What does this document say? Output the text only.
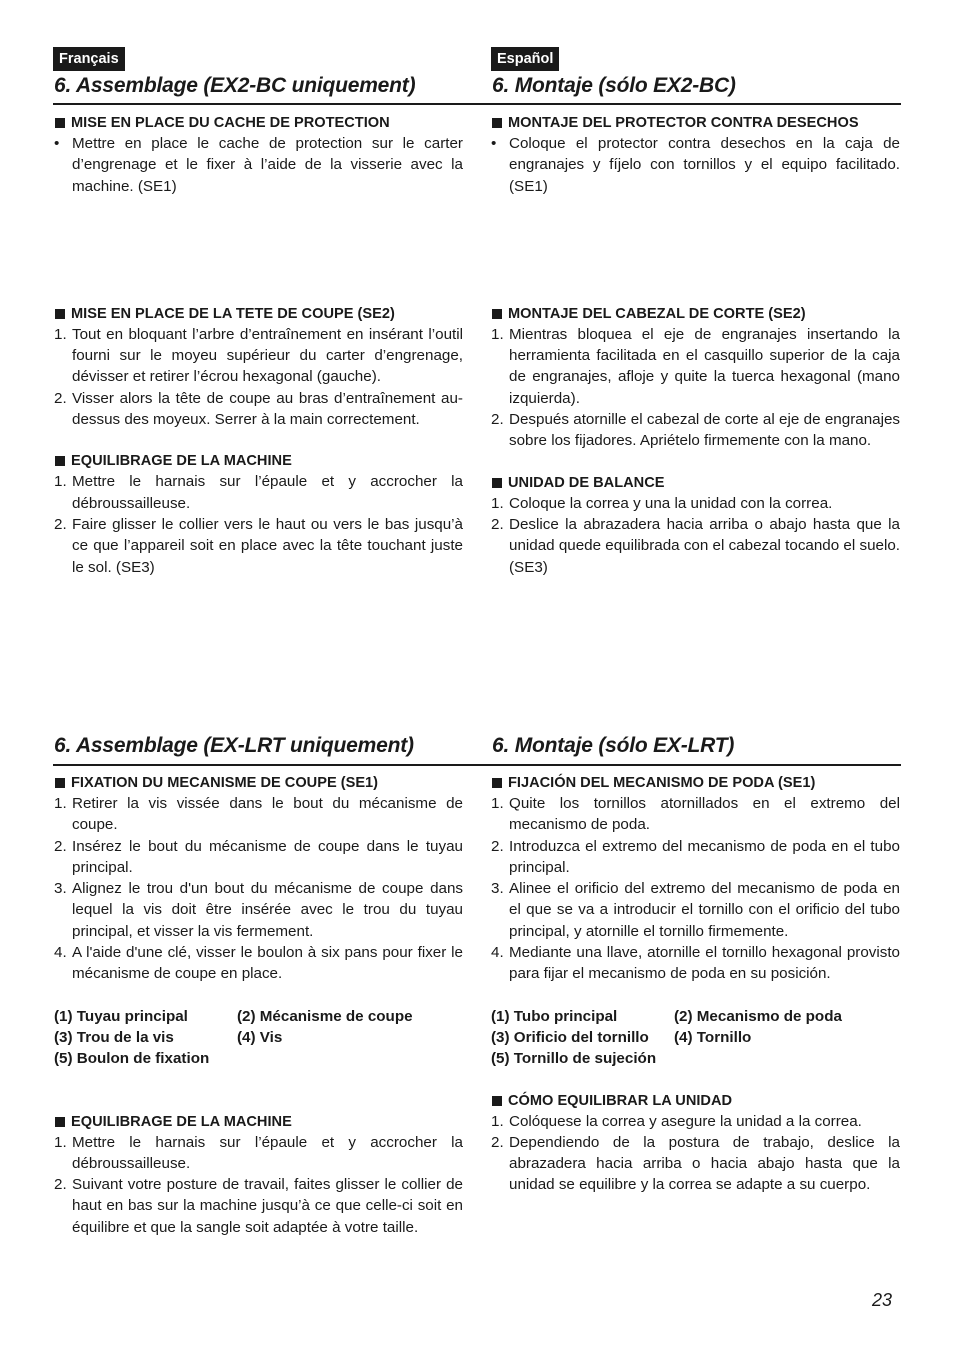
Français	Español
6. Assemblage (EX2-BC uniquement)	6. Montaje (sólo EX2-BC)
MISE EN PLACE DU CACHE DE PROTECTION
• Mettre en place le cache de protection sur le carter d’engrenage et le fixer à l’aide de la visserie avec la machine. (SE1)
MISE EN PLACE DE LA TETE DE COUPE (SE2)
1. Tout en bloquant l’arbre d’entraînement en insérant l’outil fourni sur le moyeu supérieur du carter d’engrenage, dévisser et retirer l’écrou hexagonal (gauche).
2. Visser alors la tête de coupe au bras d’entraînement au-dessus des moyeux. Serrer à la main correctement.
EQUILIBRAGE DE LA MACHINE
1. Mettre le harnais sur l’épaule et y accrocher la débroussailleuse.
2. Faire glisser le collier vers le haut ou vers le bas jusqu’à ce que l’appareil soit en place avec la tête touchant juste le sol. (SE3)
MONTAJE DEL PROTECTOR CONTRA DESECHOS
• Coloque el protector contra desechos en la caja de engranajes y fíjelo con tornillos y el equipo facilitado. (SE1)
MONTAJE DEL CABEZAL DE CORTE (SE2)
1. Mientras bloquea el eje de engranajes insertando la herramienta facilitada en el casquillo superior de la caja de engranajes, afloje y quite la tuerca hexagonal (mano izquierda).
2. Después atornille el cabezal de corte al eje de engranajes sobre los fijadores. Apriételo firmemente con la mano.
UNIDAD DE BALANCE
1. Coloque la correa y una la unidad con la correa.
2. Deslice la abrazadera hacia arriba o abajo hasta que la unidad quede equilibrada con el cabezal tocando el suelo. (SE3)
6. Assemblage (EX-LRT uniquement)	6. Montaje (sólo EX-LRT)
FIXATION DU MECANISME DE COUPE (SE1)
1. Retirer la vis vissée dans le bout du mécanisme de coupe.
2. Insérez le bout du mécanisme de coupe dans le tuyau principal.
3. Alignez le trou d'un bout du mécanisme de coupe dans lequel la vis doit être insérée avec le trou du tuyau principal, et visser la vis fermement.
4. A l'aide d'une clé, visser le boulon à six pans pour fixer le mécanisme de coupe en place.
(1) Tuyau principal	(2) Mécanisme de coupe
(3) Trou de la vis	(4) Vis
(5) Boulon de fixation
EQUILIBRAGE DE LA MACHINE
1. Mettre le harnais sur l’épaule et y accrocher la débroussailleuse.
2. Suivant votre posture de travail, faites glisser le collier de haut en bas sur la machine jusqu’à ce que celle-ci soit en équilibre et que la sangle soit adaptée à votre taille.
FIJACIÓN DEL MECANISMO DE PODA (SE1)
1. Quite los tornillos atornillados en el extremo del mecanismo de poda.
2. Introduzca el extremo del mecanismo de poda en el tubo principal.
3. Alinee el orificio del extremo del mecanismo de poda en el que se va a introducir el tornillo con el orificio del tubo principal, y atornille el tornillo firmemente.
4. Mediante una llave, atornille el tornillo hexagonal provisto para fijar el mecanismo de poda en su posición.
(1) Tubo principal	(2) Mecanismo de poda
(3) Orificio del tornillo	(4) Tornillo
(5) Tornillo de sujeción
CÓMO EQUILIBRAR LA UNIDAD
1. Colóquese la correa y asegure la unidad a la correa.
2. Dependiendo de la postura de trabajo, deslice la abrazadera hacia arriba o hacia abajo hasta que la unidad se equilibre y la correa se adapte a su cuerpo.
23
